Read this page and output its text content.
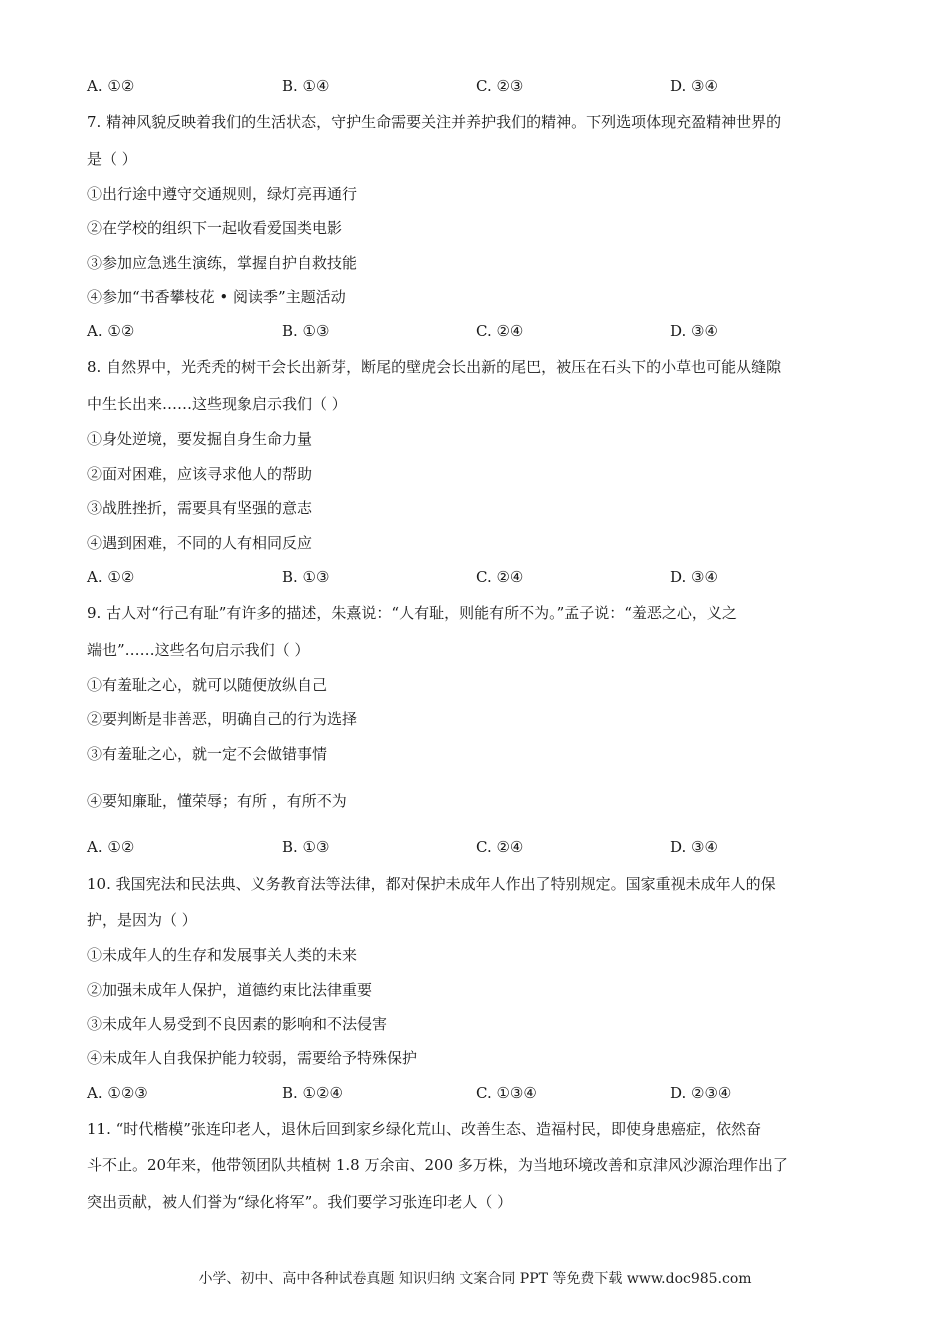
A. ①②	B. ①④	C. ②③	D. ③④
7. 精神风貌反映着我们的生活状态，守护生命需要关注并养护我们的精神。下列选项体现充盈精神世界的
是（ ）
①出行途中遵守交通规则，绿灯亮再通行
②在学校的组织下一起收看爱国类电影
③参加应急逃生演练，掌握自护自救技能
④参加“书香攀枝花 • 阅读季”主题活动
A. ①②	B. ①③	C. ②④	D. ③④
8. 自然界中，光秃秃的树干会长出新芽，断尾的壁虎会长出新的尾巴，被压在石头下的小草也可能从缝隙
中生长出来……这些现象启示我们（ ）
①身处逆境，要发掘自身生命力量
②面对困难，应该寻求他人的帮助
③战胜挫折，需要具有坚强的意志
④遇到困难，不同的人有相同反应
A. ①②	B. ①③	C. ②④	D. ③④
9. 古人对“行己有耻”有许多的描述，朱熹说：“人有耻，则能有所不为。”孟子说：“羞恶之心，义之
端也”……这些名句启示我们（ ）
①有羞耻之心，就可以随便放纵自己
②要判断是非善恶，明确自己的行为选择
③有羞耻之心，就一定不会做错事情
④要知廉耻，懂荣辱；有所 ，有所不为
A. ①②	B. ①③	C. ②④	D. ③④
10. 我国宪法和民法典、义务教育法等法律，都对保护未成年人作出了特别规定。国家重视未成年人的保
护，是因为（ ）
①未成年人的生存和发展事关人类的未来
②加强未成年人保护，道德约束比法律重要
③未成年人易受到不良因素的影响和不法侵害
④未成年人自我保护能力较弱，需要给予特殊保护
A. ①②③	B. ①②④	C. ①③④	D. ②③④
11. “时代楷模”张连印老人，退休后回到家乡绿化荒山、改善生态、造福村民，即使身患癌症，依然奋
斗不止。20年来，他带领团队共植树 1.8 万余亩、200 多万株，为当地环境改善和京津风沙源治理作出了
突出贡献，被人们誉为“绿化将军”。我们要学习张连印老人（ ）
小学、初中、高中各种试卷真题 知识归纳 文案合同 PPT 等免费下载 www.doc985.com
